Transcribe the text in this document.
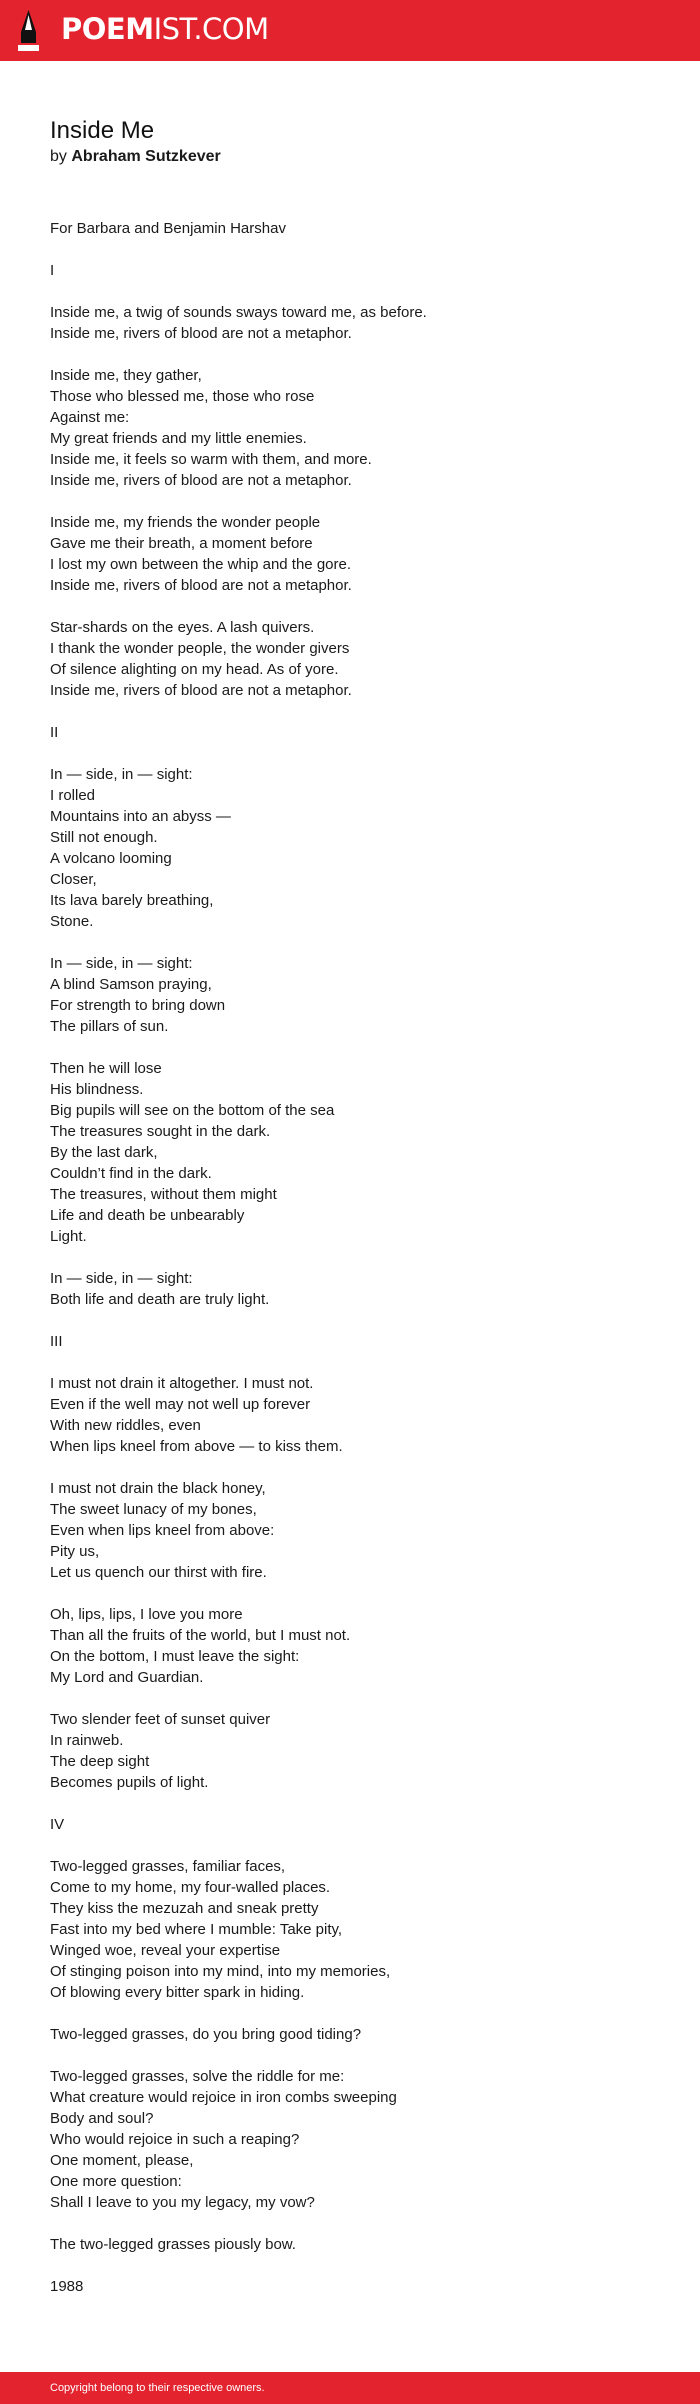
POEMIST.COM
Inside Me
by Abraham Sutzkever
For Barbara and Benjamin Harshav
I
Inside me, a twig of sounds sways toward me, as before.
Inside me, rivers of blood are not a metaphor.
Inside me, they gather,
Those who blessed me, those who rose
Against me:
My great friends and my little enemies.
Inside me, it feels so warm with them, and more.
Inside me, rivers of blood are not a metaphor.
Inside me, my friends the wonder people
Gave me their breath, a moment before
I lost my own between the whip and the gore.
Inside me, rivers of blood are not a metaphor.
Star-shards on the eyes. A lash quivers.
I thank the wonder people, the wonder givers
Of silence alighting on my head. As of yore.
Inside me, rivers of blood are not a metaphor.
II
In — side, in — sight:
I rolled
Mountains into an abyss —
Still not enough.
A volcano looming
Closer,
Its lava barely breathing,
Stone.
In — side, in — sight:
A blind Samson praying,
For strength to bring down
The pillars of sun.
Then he will lose
His blindness.
Big pupils will see on the bottom of the sea
The treasures sought in the dark.
By the last dark,
Couldn’t find in the dark.
The treasures, without them might
Life and death be unbearably
Light.
In — side, in — sight:
Both life and death are truly light.
III
I must not drain it altogether. I must not.
Even if the well may not well up forever
With new riddles, even
When lips kneel from above — to kiss them.
I must not drain the black honey,
The sweet lunacy of my bones,
Even when lips kneel from above:
Pity us,
Let us quench our thirst with fire.
Oh, lips, lips, I love you more
Than all the fruits of the world, but I must not.
On the bottom, I must leave the sight:
My Lord and Guardian.
Two slender feet of sunset quiver
In rainweb.
The deep sight
Becomes pupils of light.
IV
Two-legged grasses, familiar faces,
Come to my home, my four-walled places.
They kiss the mezuzah and sneak pretty
Fast into my bed where I mumble: Take pity,
Winged woe, reveal your expertise
Of stinging poison into my mind, into my memories,
Of blowing every bitter spark in hiding.
Two-legged grasses, do you bring good tiding?
Two-legged grasses, solve the riddle for me:
What creature would rejoice in iron combs sweeping
Body and soul?
Who would rejoice in such a reaping?
One moment, please,
One more question:
Shall I leave to you my legacy, my vow?
The two-legged grasses piously bow.
1988
Copyright belong to their respective owners.
